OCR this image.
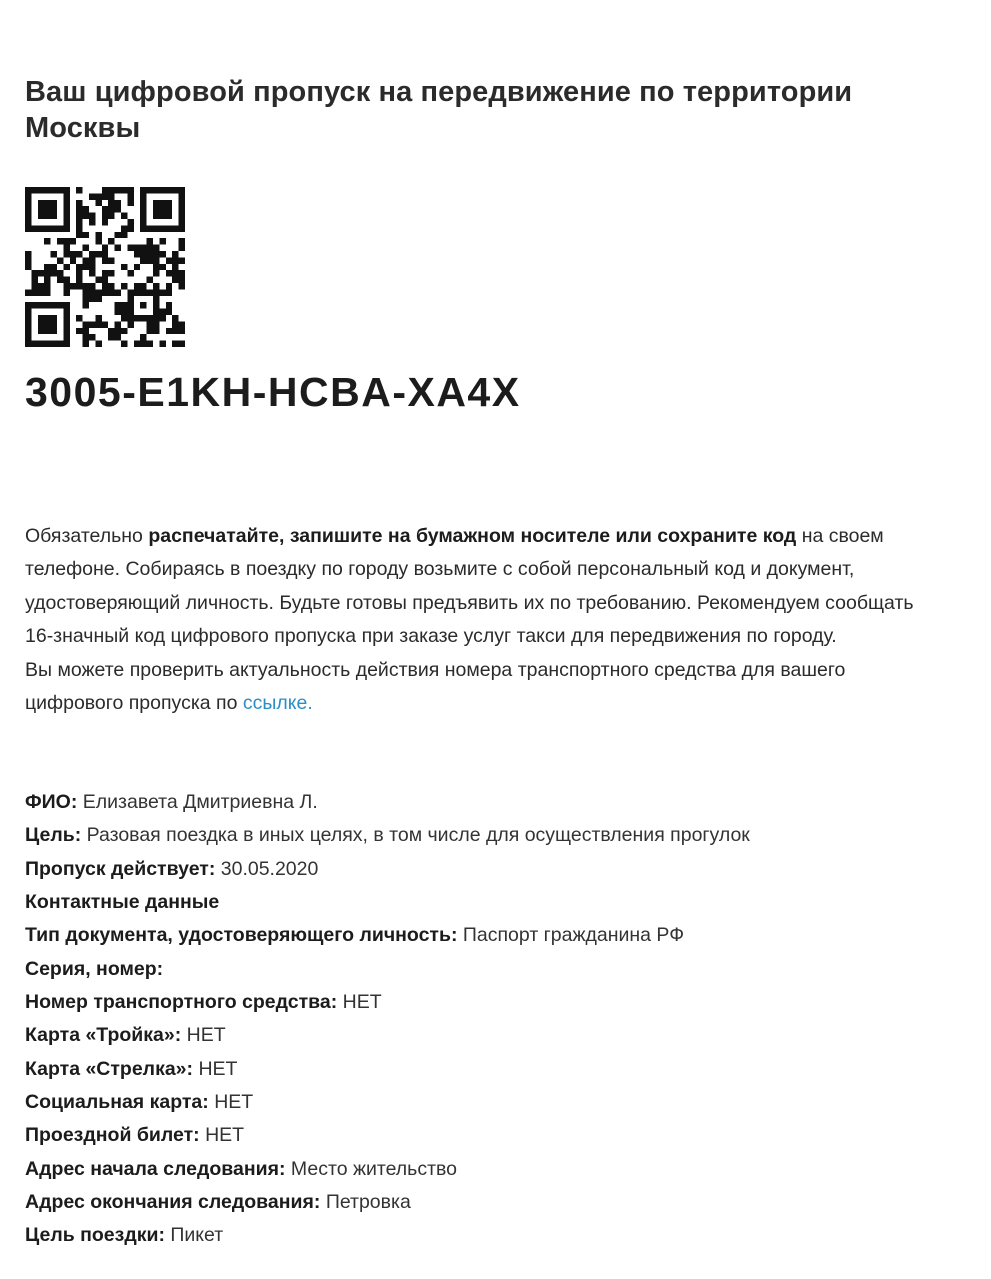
Ваш цифровой пропуск на передвижение по территории Москвы
3005-E1KH-HCBA-XA4X

Обязательно распечатайте, запишите на бумажном носителе или сохраните код на своем телефоне. Собираясь в поездку по городу возьмите с собой персональный код и документ, удостоверяющий личность. Будьте готовы предъявить их по требованию. Рекомендуем сообщать 16-значный код цифрового пропуска при заказе услуг такси для передвижения по городу.

Вы можете проверить актуальность действия номера транспортного средства для вашего цифрового пропуска по ссылке.

ФИО: Елизавета Дмитриевна Л.
Цель: Разовая поездка в иных целях, в том числе для осуществления прогулок
Пропуск действует: 30.05.2020
Контактные данные
Тип документа, удостоверяющего личность: Паспорт гражданина РФ
Серия, номер:
Номер транспортного средства: НЕТ
Карта «Тройка»: НЕТ
Карта «Стрелка»: НЕТ
Социальная карта: НЕТ
Проездной билет: НЕТ
Адрес начала следования: Место жительство
Адрес окончания следования: Петровка
Цель поездки: Пикет
